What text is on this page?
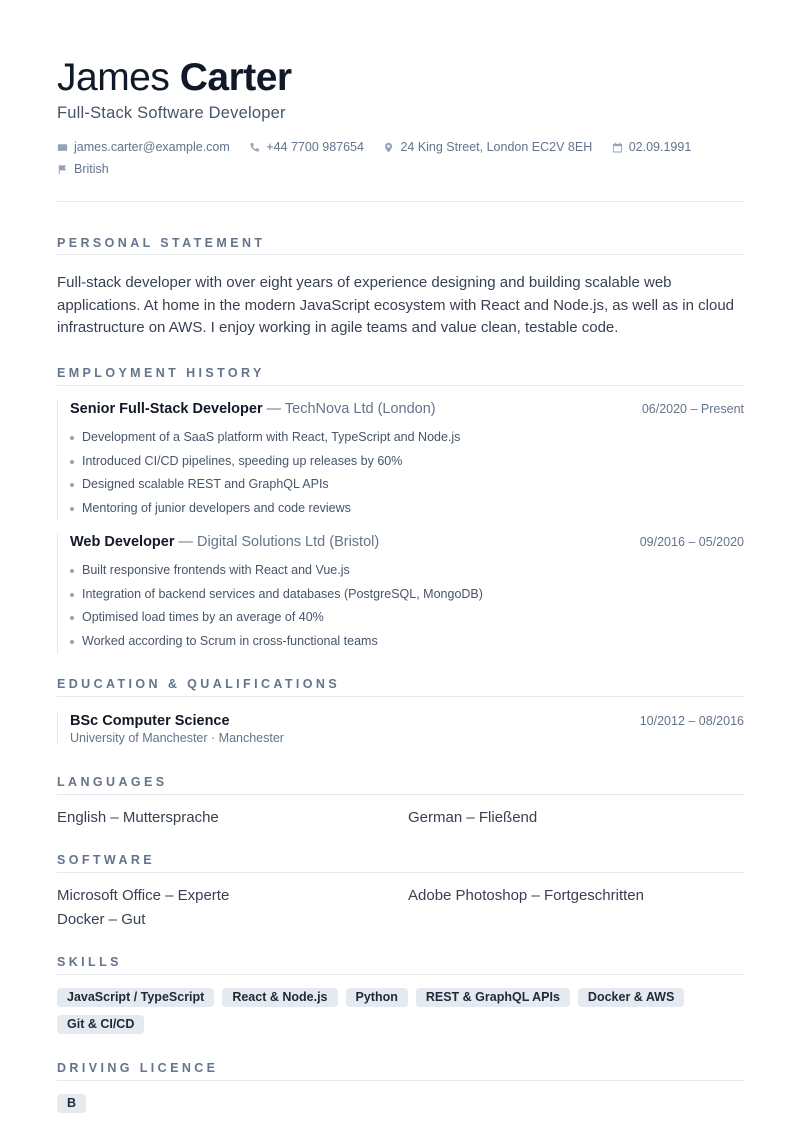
James Carter
Full-Stack Software Developer
james.carter@example.com
	+44 7700 987654
	24 King Street, London EC2V 8EH
	02.09.1991
British
PERSONAL STATEMENT

Full-stack developer with over eight years of experience designing and building scalable web applications. At home in the modern JavaScript ecosystem with React and Node.js, as well as in cloud infrastructure on AWS. I enjoy working in agile teams and value clean, testable code.

EMPLOYMENT HISTORY
Senior Full-Stack Developer — TechNova Ltd (London)	06/2020 – Present
Development of a SaaS platform with React, TypeScript and Node.js
Introduced CI/CD pipelines, speeding up releases by 60%
Designed scalable REST and GraphQL APIs
Mentoring of junior developers and code reviews
Web Developer — Digital Solutions Ltd (Bristol)	09/2016 – 05/2020
Built responsive frontends with React and Vue.js
Integration of backend services and databases (PostgreSQL, MongoDB)
Optimised load times by an average of 40%
Worked according to Scrum in cross-functional teams
EDUCATION & QUALIFICATIONS
BSc Computer Science	10/2012 – 08/2016
University of Manchester · Manchester
LANGUAGES
English – Muttersprache	German – Fließend
SOFTWARE
Microsoft Office – Experte	Adobe Photoshop – Fortgeschritten
Docker – Gut
SKILLS
JavaScript / TypeScript	React & Node.js	Python	REST & GraphQL APIs	Docker & AWS
Git & CI/CD
DRIVING LICENCE
B
